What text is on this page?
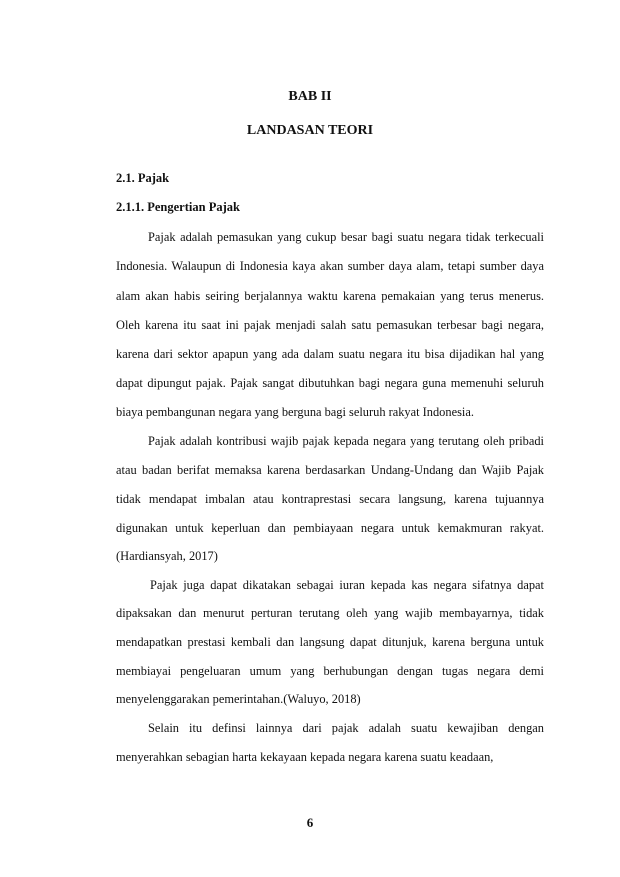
BAB II
LANDASAN TEORI
2.1. Pajak
2.1.1. Pengertian Pajak
Pajak adalah pemasukan yang cukup besar bagi suatu negara tidak terkecuali
Indonesia. Walaupun di Indonesia kaya akan sumber daya alam, tetapi sumber daya
alam akan habis seiring berjalannya waktu karena pemakaian yang terus menerus.
Oleh karena itu saat ini pajak menjadi salah satu pemasukan terbesar bagi negara,
karena dari sektor apapun yang ada dalam suatu negara itu bisa dijadikan hal yang
dapat dipungut pajak. Pajak sangat dibutuhkan bagi negara guna memenuhi seluruh
biaya pembangunan negara yang berguna bagi seluruh rakyat Indonesia.
Pajak adalah kontribusi wajib pajak kepada negara yang terutang oleh pribadi
atau badan berifat memaksa karena berdasarkan Undang-Undang dan Wajib Pajak
tidak mendapat imbalan atau kontraprestasi secara langsung, karena tujuannya
digunakan untuk keperluan dan pembiayaan negara untuk kemakmuran rakyat.
(Hardiansyah, 2017)
Pajak juga dapat dikatakan sebagai iuran kepada kas negara sifatnya dapat
dipaksakan dan menurut perturan terutang oleh yang wajib membayarnya, tidak
mendapatkan prestasi kembali dan langsung dapat ditunjuk, karena berguna untuk
membiayai pengeluaran umum yang berhubungan dengan tugas negara demi
menyelenggarakan pemerintahan.(Waluyo, 2018)
Selain itu definsi lainnya dari pajak adalah suatu kewajiban dengan
menyerahkan sebagian harta kekayaan kepada negara karena suatu keadaan,
6
